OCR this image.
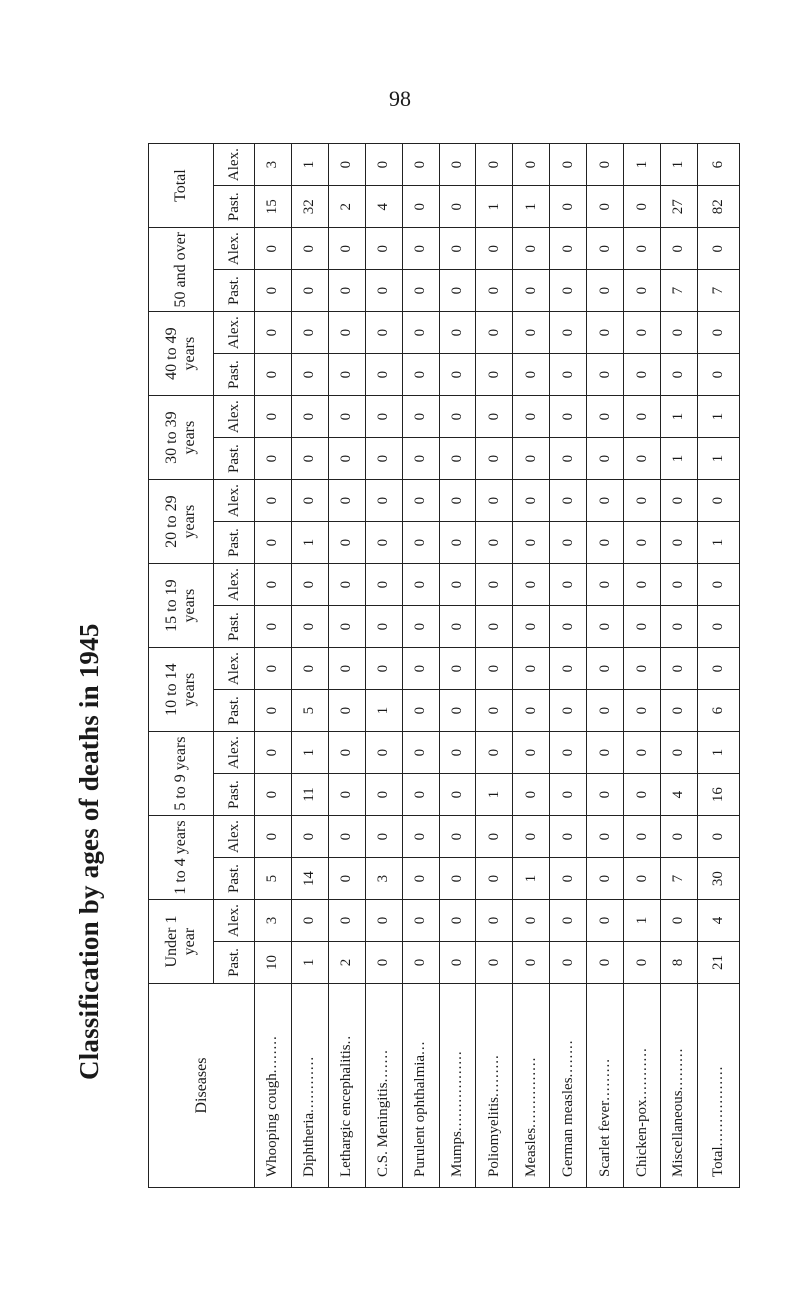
98
Classification by ages of deaths in 1945
Diseases	Under 1 year		1 to 4 years		5 to 9 years		10 to 14 years		15 to 19 years		20 to 29 years		30 to 39 years		40 to 49 years		50 and over		Total	
	Past.	Alex.	Past.	Alex.	Past.	Alex.	Past.	Alex.	Past.	Alex.	Past.	Alex.	Past.	Alex.	Past.	Alex.	Past.	Alex.	Past.	Alex.
Whooping cough........	10	3	5	0	0	0	0	0	0	0	0	0	0	0	0	0	0	0	15	3
Diphtheria............	1	0	14	0	11	1	5	0	0	0	1	0	0	0	0	0	0	0	32	1
Lethargic encephalitis..	2	0	0	0	0	0	0	0	0	0	0	0	0	0	0	0	0	0	2	0
C.S. Meningitis.......	0	0	3	0	0	0	1	0	0	0	0	0	0	0	0	0	0	0	4	0
Purulent ophthalmia...	0	0	0	0	0	0	0	0	0	0	0	0	0	0	0	0	0	0	0	0
Mumps.................	0	0	0	0	0	0	0	0	0	0	0	0	0	0	0	0	0	0	0	0
Poliomyelitis.........	0	0	0	0	1	0	0	0	0	0	0	0	0	0	0	0	0	0	1	0
Measles...............	0	0	1	0	0	0	0	0	0	0	0	0	0	0	0	0	0	0	1	0
German measles........	0	0	0	0	0	0	0	0	0	0	0	0	0	0	0	0	0	0	0	0
Scarlet fever.........	0	0	0	0	0	0	0	0	0	0	0	0	0	0	0	0	0	0	0	0
Chicken-pox...........	0	1	0	0	0	0	0	0	0	0	0	0	0	0	0	0	0	0	0	1
Miscellaneous.........	8	0	7	0	4	0	0	0	0	0	0	0	1	1	0	0	7	0	27	1
Total.................	21	4	30	0	16	1	6	0	0	0	1	0	1	1	0	0	7	0	82	6
